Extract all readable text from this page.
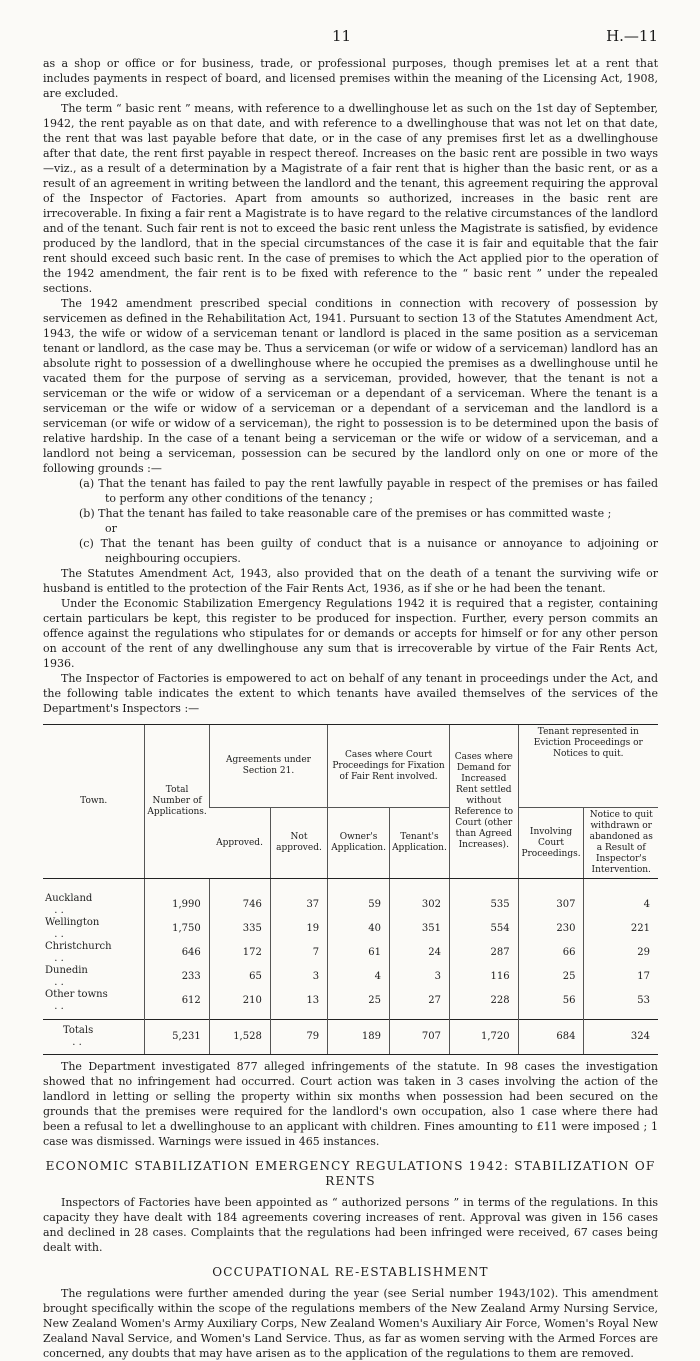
11	H.—11

as a shop or office or for business, trade, or professional purposes, though premises let at a rent that includes payments in respect of board, and licensed premises within the meaning of the Licensing Act, 1908, are excluded.

The term “ basic rent ” means, with reference to a dwellinghouse let as such on the 1st day of September, 1942, the rent payable as on that date, and with reference to a dwellinghouse that was not let on that date, the rent that was last payable before that date, or in the case of any premises first let as a dwellinghouse after that date, the rent first payable in respect thereof. Increases on the basic rent are possible in two ways—viz., as a result of a determination by a Magistrate of a fair rent that is higher than the basic rent, or as a result of an agreement in writing between the landlord and the tenant, this agreement requiring the approval of the Inspector of Factories. Apart from amounts so authorized, increases in the basic rent are irrecoverable. In fixing a fair rent a Magistrate is to have regard to the relative circumstances of the landlord and of the tenant. Such fair rent is not to exceed the basic rent unless the Magistrate is satisfied, by evidence produced by the landlord, that in the special circumstances of the case it is fair and equitable that the fair rent should exceed such basic rent. In the case of premises to which the Act applied pior to the operation of the 1942 amendment, the fair rent is to be fixed with reference to the “ basic rent ” under the repealed sections.

The 1942 amendment prescribed special conditions in connection with recovery of possession by servicemen as defined in the Rehabilitation Act, 1941. Pursuant to section 13 of the Statutes Amendment Act, 1943, the wife or widow of a serviceman tenant or landlord is placed in the same position as a serviceman tenant or landlord, as the case may be. Thus a serviceman (or wife or widow of a serviceman) landlord has an absolute right to possession of a dwellinghouse where he occupied the premises as a dwellinghouse until he vacated them for the purpose of serving as a serviceman, provided, however, that the tenant is not a serviceman or the wife or widow of a serviceman or a dependant of a serviceman. Where the tenant is a serviceman or the wife or widow of a serviceman or a dependant of a serviceman and the landlord is a serviceman (or wife or widow of a serviceman), the right to possession is to be determined upon the basis of relative hardship. In the case of a tenant being a serviceman or the wife or widow of a serviceman, and a landlord not being a serviceman, possession can be secured by the landlord only on one or more of the following grounds :—

(a) That the tenant has failed to pay the rent lawfully payable in respect of the premises or has failed to perform any other conditions of the tenancy ;

(b) That the tenant has failed to take reasonable care of the premises or has committed waste ;

or

(c) That the tenant has been guilty of conduct that is a nuisance or annoyance to adjoining or neighbouring occupiers.

The Statutes Amendment Act, 1943, also provided that on the death of a tenant the surviving wife or husband is entitled to the protection of the Fair Rents Act, 1936, as if she or he had been the tenant.

Under the Economic Stabilization Emergency Regulations 1942 it is required that a register, containing certain particulars be kept, this register to be produced for inspection. Further, every person commits an offence against the regulations who stipulates for or demands or accepts for himself or for any other person on account of the rent of any dwellinghouse any sum that is irrecoverable by virtue of the Fair Rents Act, 1936.

The Inspector of Factories is empowered to act on behalf of any tenant in proceedings under the Act, and the following table indicates the extent to which tenants have availed themselves of the services of the Department's Inspectors :—

Town.	Total Number of Applications.	Agreements under Section 21.		Cases where Court Proceedings for Fixation of Fair Rent involved.		Cases where Demand for Increased Rent settled without Reference to Court (other than Agreed Increases).	Tenant represented in Eviction Proceedings or Notices to quit.	
		Approved.	Not approved.	Owner's Application.	Tenant's Application.		Involving Court Proceedings.	Notice to quit withdrawn or abandoned as a Result of Inspector's Intervention.
Auckland. .	1,990	746	37	59	302	535	307	4
Wellington. .	1,750	335	19	40	351	554	230	221
Christchurch. .	646	172	7	61	24	287	66	29
Dunedin. .	233	65	3	4	3	116	25	17
Other towns. .	612	210	13	25	27	228	56	53
Totals. .	5,231	1,528	79	189	707	1,720	684	324

The Department investigated 877 alleged infringements of the statute. In 98 cases the investigation showed that no infringement had occurred. Court action was taken in 3 cases involving the action of the landlord in letting or selling the property within six months when possession had been secured on the grounds that the premises were required for the landlord's own occupation, also 1 case where there had been a refusal to let a dwellinghouse to an applicant with children. Fines amounting to £11 were imposed ; 1 case was dismissed. Warnings were issued in 465 instances.

ECONOMIC STABILIZATION EMERGENCY REGULATIONS 1942: STABILIZATION OF RENTS

Inspectors of Factories have been appointed as “ authorized persons ” in terms of the regulations. In this capacity they have dealt with 184 agreements covering increases of rent. Approval was given in 156 cases and declined in 28 cases. Complaints that the regulations had been infringed were received, 67 cases being dealt with.

OCCUPATIONAL RE-ESTABLISHMENT

The regulations were further amended during the year (see Serial number 1943/102). This amendment brought specifically within the scope of the regulations members of the New Zealand Army Nursing Service, New Zealand Women's Army Auxiliary Corps, New Zealand Women's Auxiliary Air Force, Women's Royal New Zealand Naval Service, and Women's Land Service. Thus, as far as women serving with the Armed Forces are concerned, any doubts that may have arisen as to the application of the regulations to them are removed.
